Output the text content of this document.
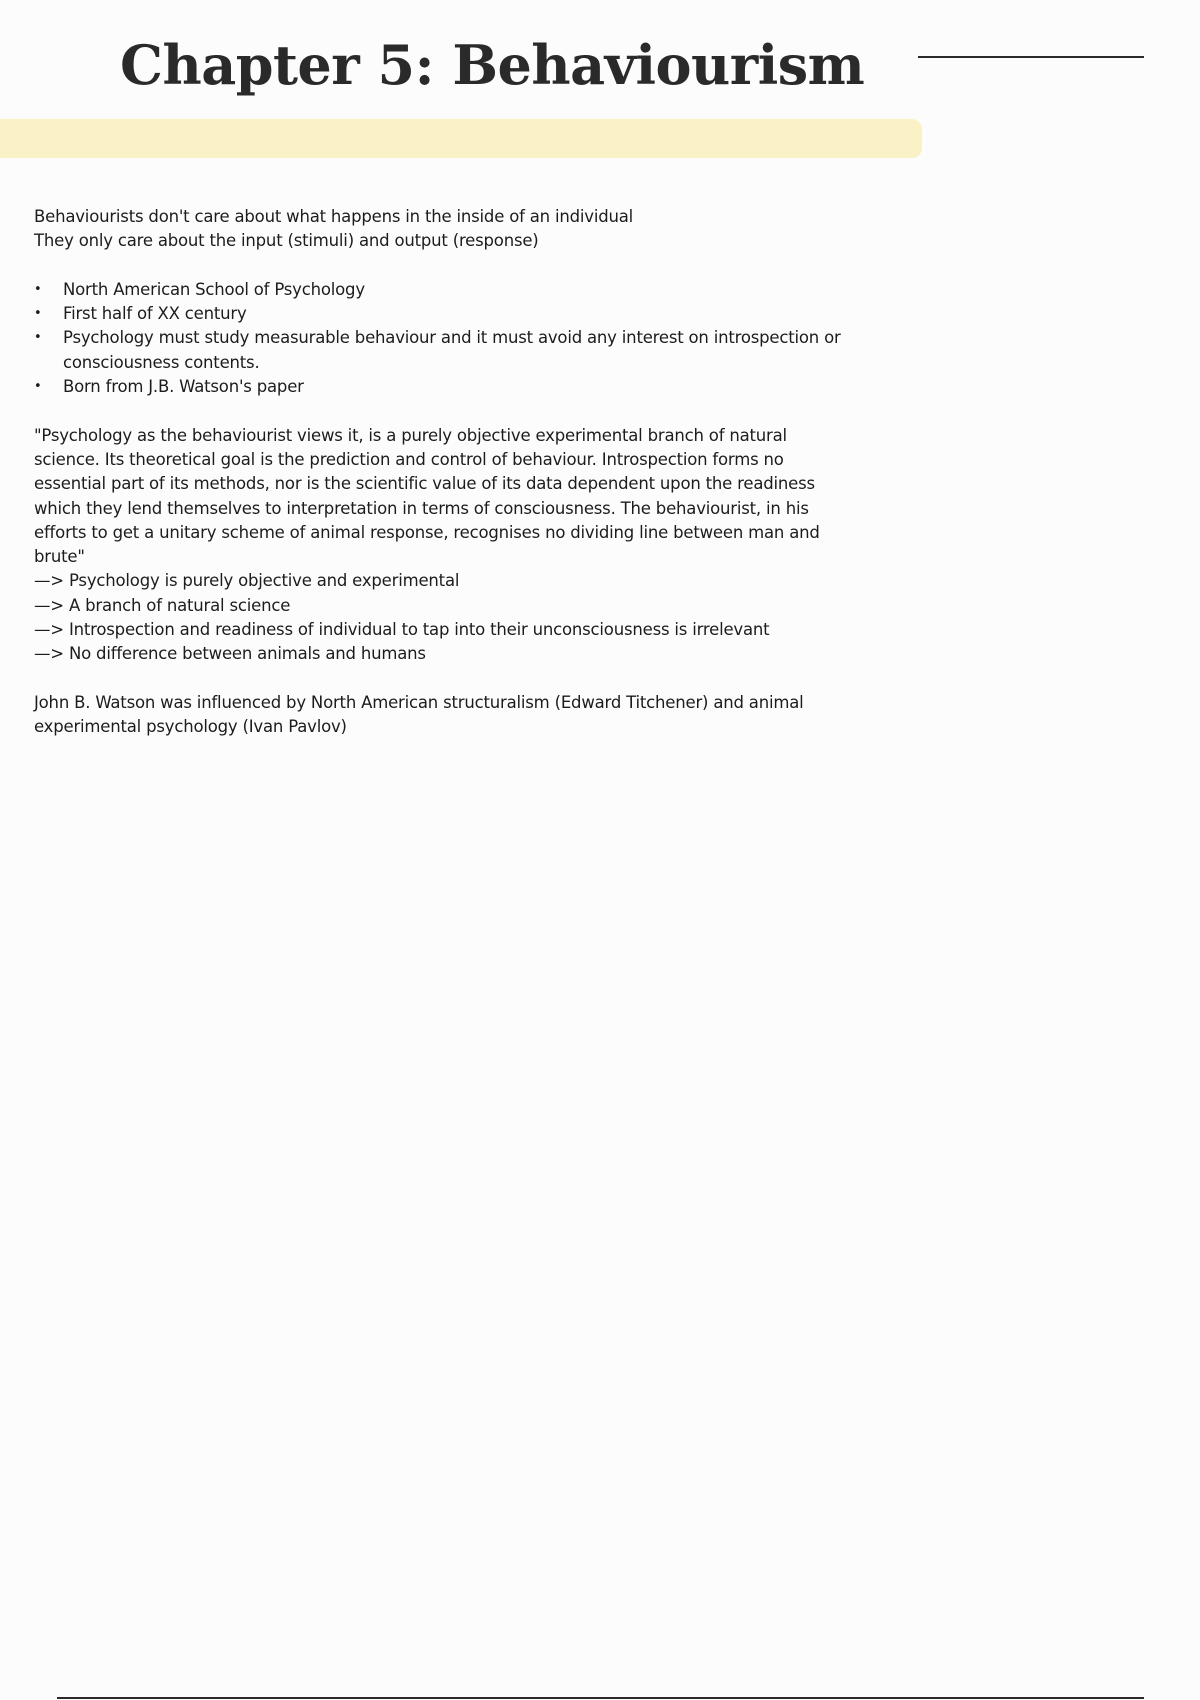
Chapter 5: Behaviourism

Behaviourists don't care about what happens in the inside of an individual

They only care about the input (stimuli) and output (response)

• North American School of Psychology
• First half of XX century
• Psychology must study measurable behaviour and it must avoid any interest on introspection or consciousness contents.
• Born from J.B. Watson's paper

"Psychology as the behaviourist views it, is a purely objective experimental branch of natural science. Its theoretical goal is the prediction and control of behaviour. Introspection forms no essential part of its methods, nor is the scientific value of its data dependent upon the readiness which they lend themselves to interpretation in terms of consciousness. The behaviourist, in his efforts to get a unitary scheme of animal response, recognises no dividing line between man and brute"

—> Psychology is purely objective and experimental
—> A branch of natural science
—> Introspection and readiness of individual to tap into their unconsciousness is irrelevant
—> No difference between animals and humans

John B. Watson was influenced by North American structuralism (Edward Titchener) and animal experimental psychology (Ivan Pavlov)
